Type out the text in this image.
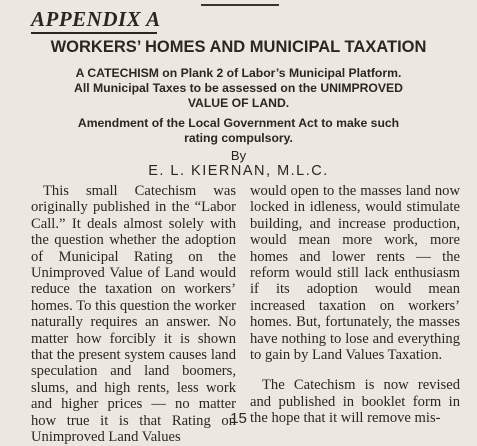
APPENDIX A
WORKERS’ HOMES AND MUNICIPAL TAXATION
A CATECHISM on Plank 2 of Labor’s Municipal Platform.
All Municipal Taxes to be assessed on the UNIMPROVED
VALUE OF LAND.
Amendment of the Local Government Act to make such
rating compulsory.
By
E. L. KIERNAN, M.L.C.

This small Catechism was originally published in the “Labor Call.” It deals almost solely with the question whether the adoption of Municipal Rating on the Unimproved Value of Land would reduce the taxation on workers’ homes. To this question the worker naturally requires an answer. No matter how forcibly it is shown that the present system causes land speculation and land boomers, slums, and high rents, less work and higher prices — no matter how true it is that Rating on Unimproved Land Values

would open to the masses land now locked in idleness, would stimulate building, and increase production, would mean more work, more homes and lower rents — the reform would still lack enthusiasm if its adoption would mean increased taxation on workers’ homes. But, fortunately, the masses have nothing to lose and everything to gain by Land Values Taxation.

The Catechism is now revised and published in booklet form in the hope that it will remove mis-

15
